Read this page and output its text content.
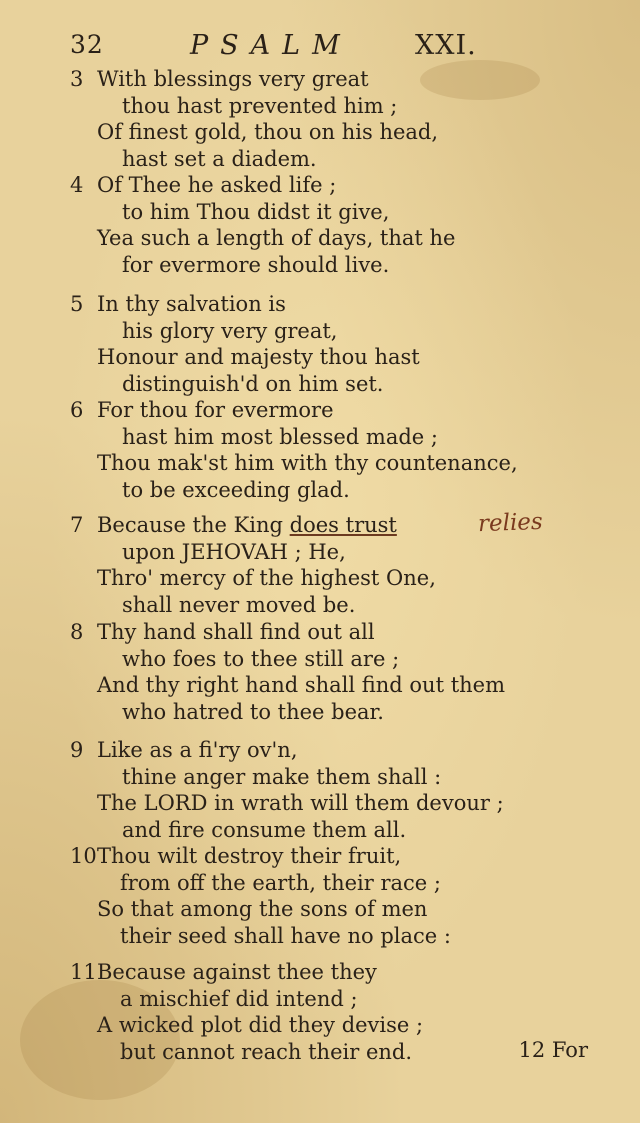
32	PSALM XXI.
3 With blessings very great
thou hast prevented him ;
Of finest gold, thou on his head,
hast set a diadem.
4 Of Thee he asked life ;
to him Thou didst it give,
Yea such a length of days, that he
for evermore should live.
5 In thy salvation is
his glory very great,
Honour and majesty thou hast
distinguish'd on him set.
6 For thou for evermore
hast him most blessed made ;
Thou mak'st him with thy countenance,
to be exceeding glad.
7 Because the King does trust
upon JEHOVAH ; He,
Thro' mercy of the highest One,
shall never moved be.
8 Thy hand shall find out all
who foes to thee still are ;
And thy right hand shall find out them
who hatred to thee bear.
9 Like as a fi'ry ov'n,
thine anger make them shall :
The LORD in wrath will them devour ;
and fire consume them all.
10 Thou wilt destroy their fruit,
from off the earth, their race ;
So that among the sons of men
their seed shall have no place :
11 Because against thee they
a mischief did intend ;
A wicked plot did they devise ;
but cannot reach their end.
relies
12 For
